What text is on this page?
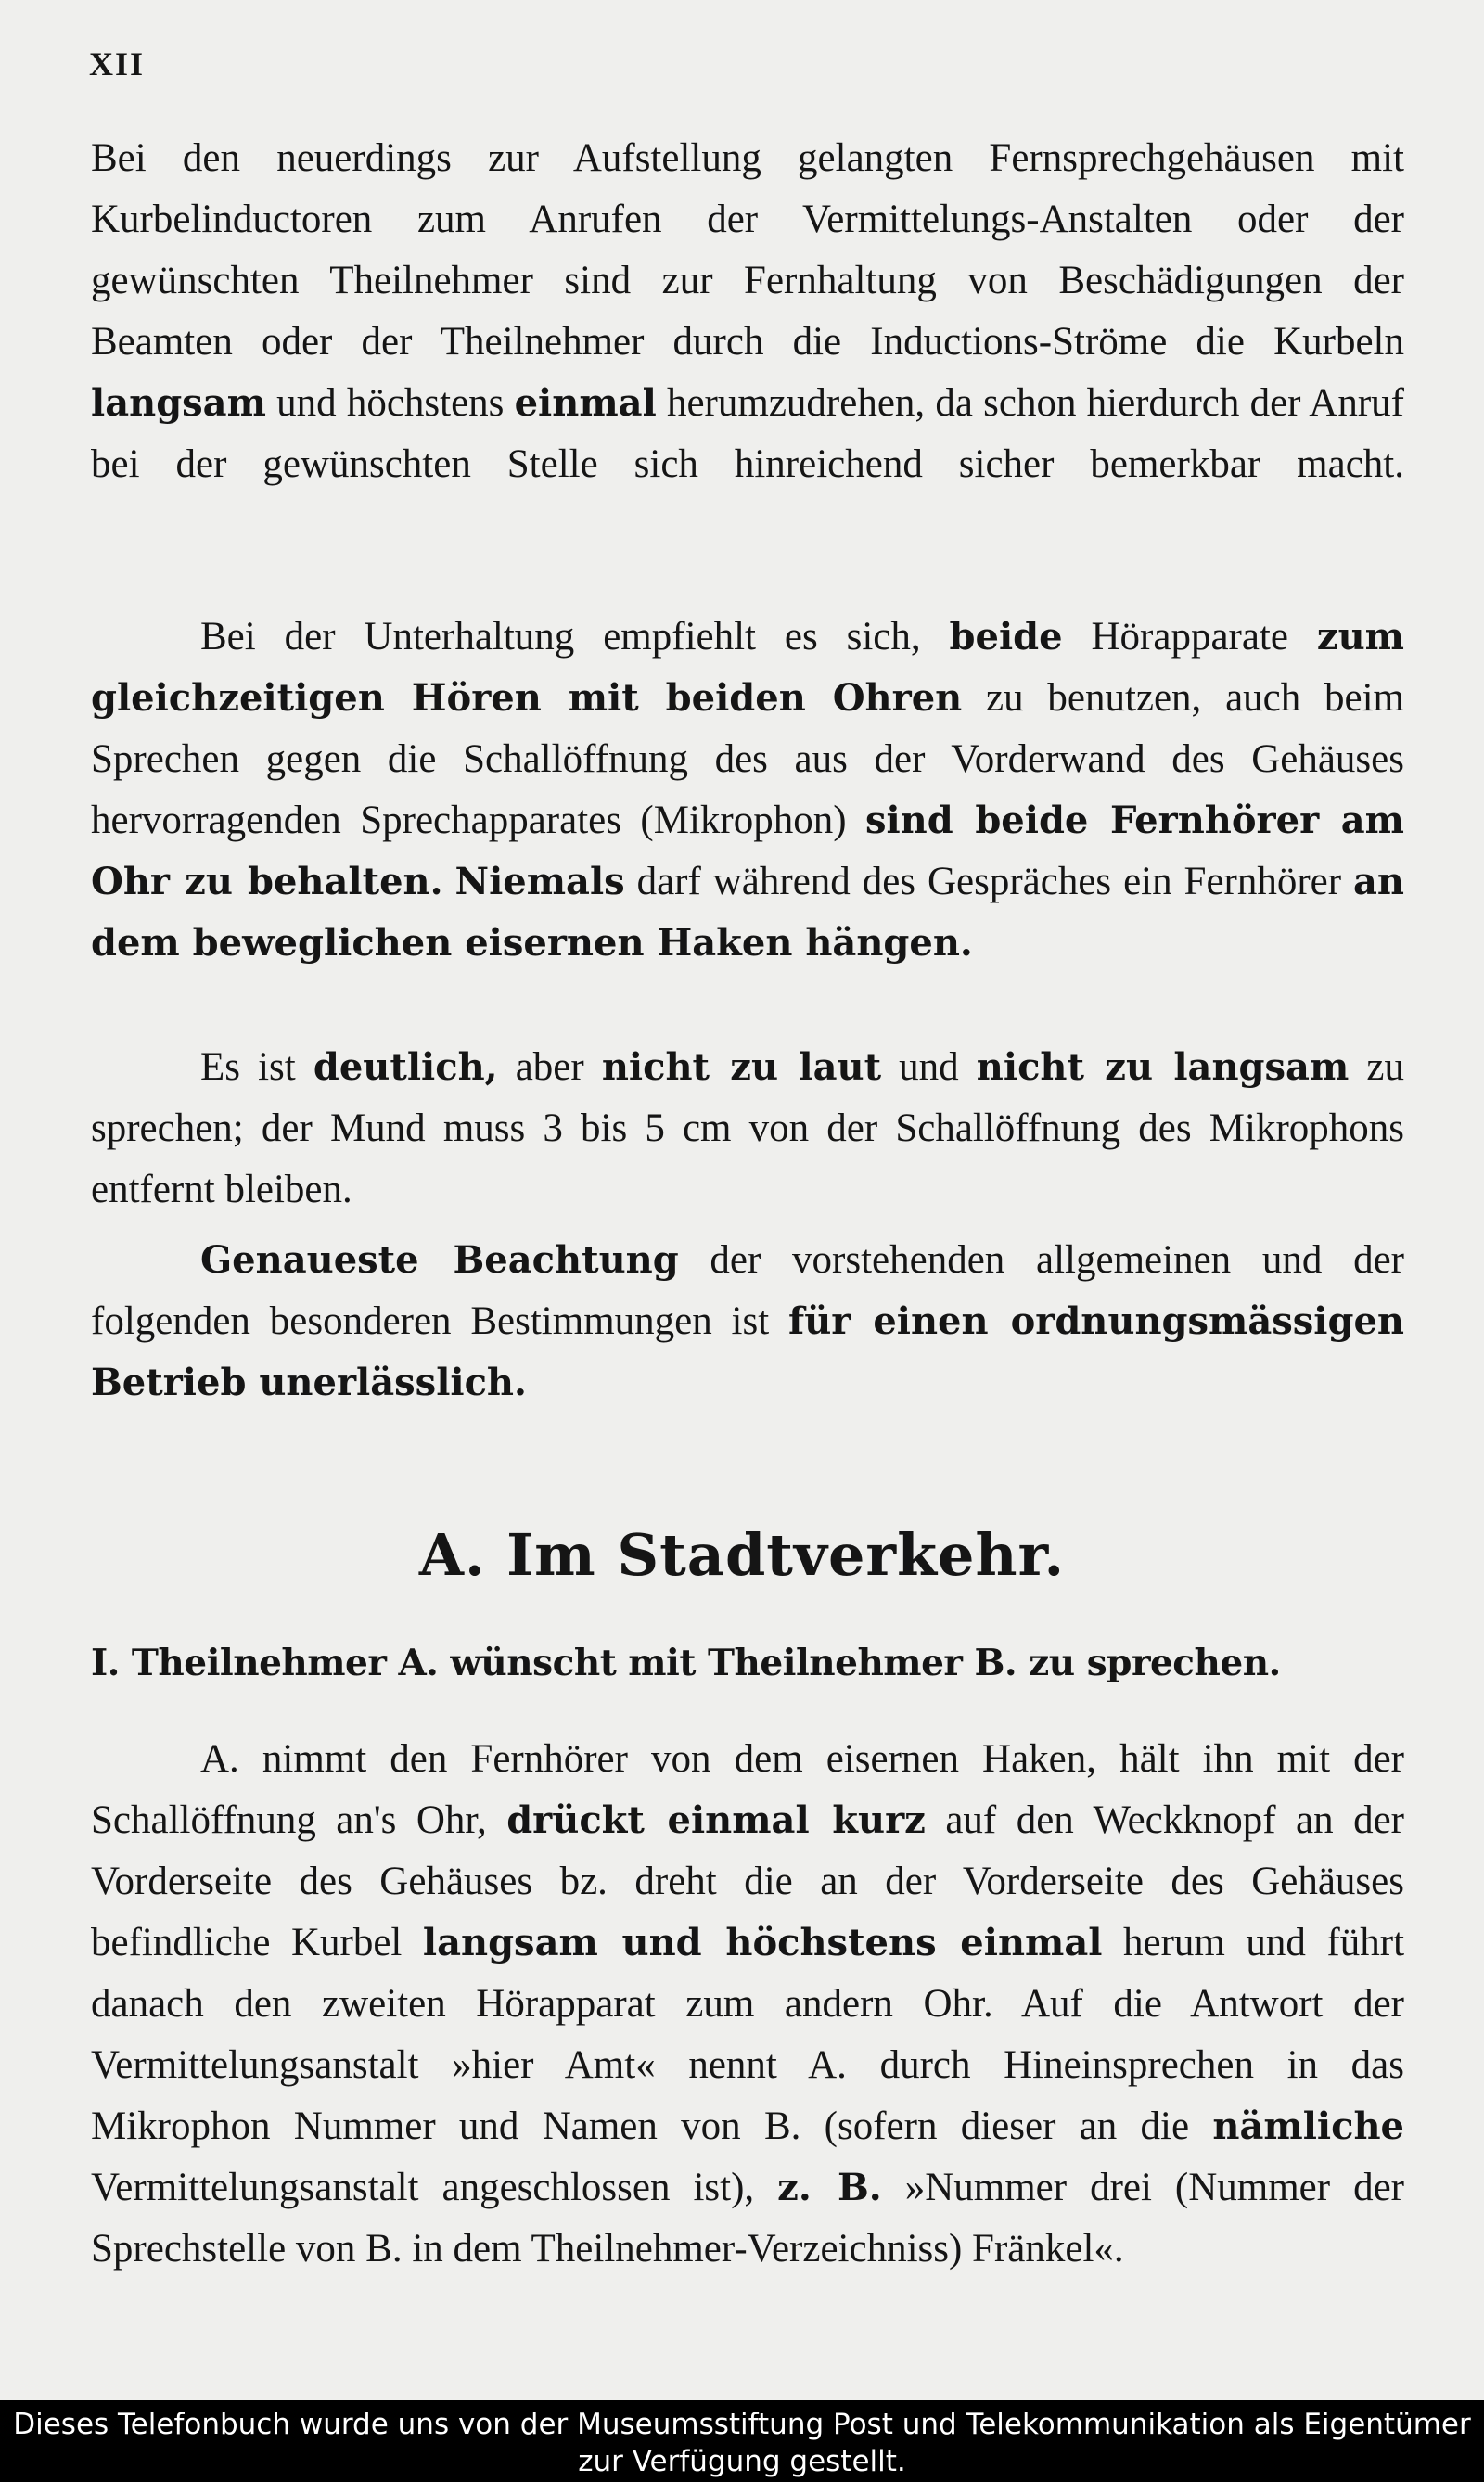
XII
Bei den neuerdings zur Aufstellung gelangten Fernsprechgehäusen mit Kurbelinductoren zum Anrufen der Vermittelungs-Anstalten oder der gewünschten Theilnehmer sind zur Fernhaltung von Beschädigungen der Beamten oder der Theilnehmer durch die Inductions-Ströme die Kurbeln langsam und höchstens einmal herumzudrehen, da schon hierdurch der Anruf bei der gewünschten Stelle sich hinreichend sicher bemerkbar macht.
Bei der Unterhaltung empfiehlt es sich, beide Hörapparate zum gleichzeitigen Hören mit beiden Ohren zu benutzen, auch beim Sprechen gegen die Schallöffnung des aus der Vorderwand des Gehäuses hervorragenden Sprechapparates (Mikrophon) sind beide Fernhörer am Ohr zu behalten. Niemals darf während des Gespräches ein Fernhörer an dem beweglichen eisernen Haken hängen.
Es ist deutlich, aber nicht zu laut und nicht zu langsam zu sprechen; der Mund muss 3 bis 5 cm von der Schallöffnung des Mikrophons entfernt bleiben.
Genaueste Beachtung der vorstehenden allgemeinen und der folgenden besonderen Bestimmungen ist für einen ordnungsmässigen Betrieb unerlässlich.
A. Im Stadtverkehr.
I. Theilnehmer A. wünscht mit Theilnehmer B. zu sprechen.
A. nimmt den Fernhörer von dem eisernen Haken, hält ihn mit der Schallöffnung an's Ohr, drückt einmal kurz auf den Weckknopf an der Vorderseite des Gehäuses bz. dreht die an der Vorderseite des Gehäuses befindliche Kurbel langsam und höchstens einmal herum und führt danach den zweiten Hörapparat zum andern Ohr. Auf die Antwort der Vermittelungsanstalt »hier Amt« nennt A. durch Hineinsprechen in das Mikrophon Nummer und Namen von B. (sofern dieser an die nämliche Vermittelungsanstalt angeschlossen ist), z. B. »Nummer drei (Nummer der Sprechstelle von B. in dem Theilnehmer-Verzeichniss) Fränkel«.
Dieses Telefonbuch wurde uns von der Museumsstiftung Post und Telekommunikation als Eigentümer zur Verfügung gestellt.
